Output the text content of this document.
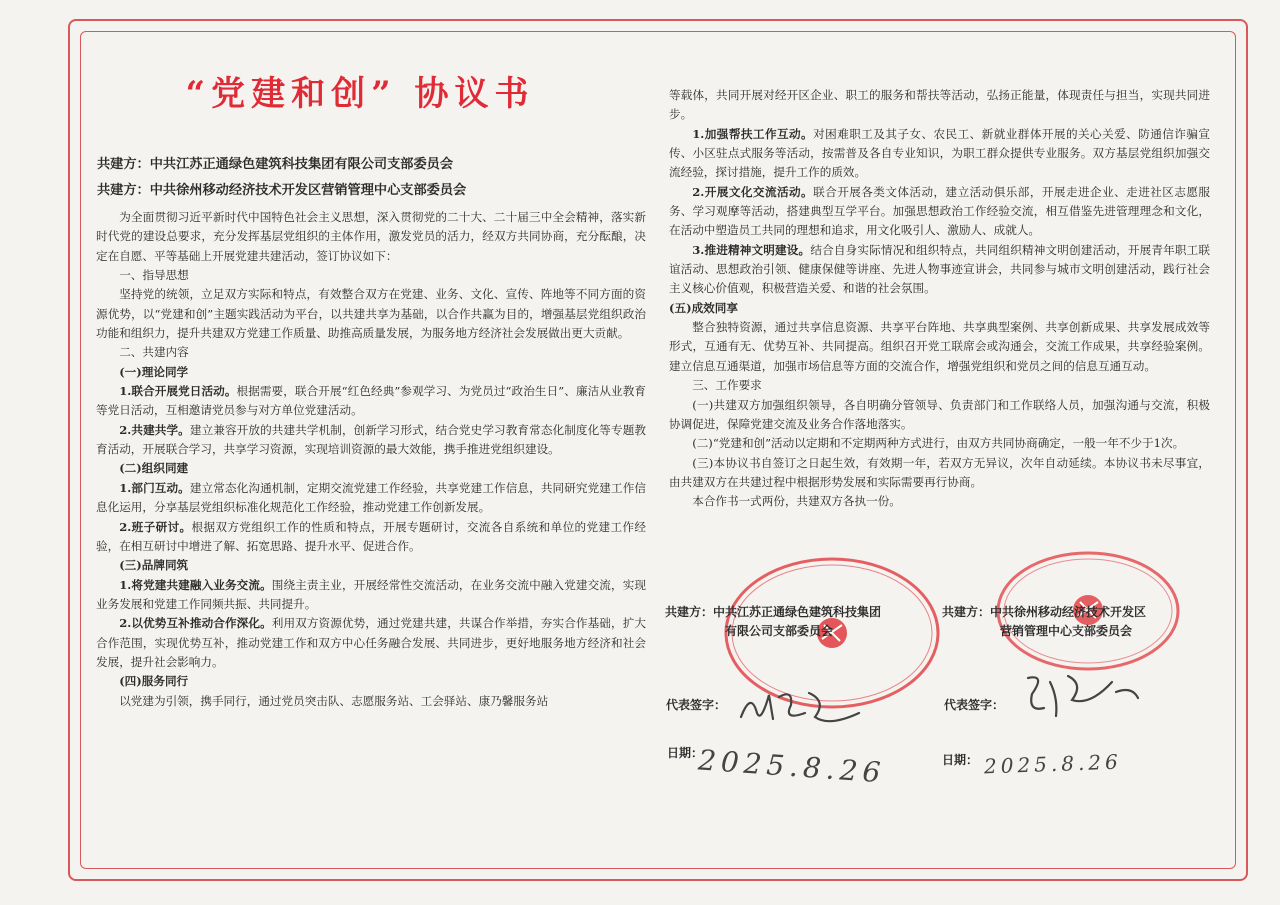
“党建和创” 协议书
共建方：中共江苏正通绿色建筑科技集团有限公司支部委员会
共建方：中共徐州移动经济技术开发区营销管理中心支部委员会

为全面贯彻习近平新时代中国特色社会主义思想，深入贯彻党的二十大、二十届三中全会精神，落实新时代党的建设总要求，充分发挥基层党组织的主体作用，激发党员的活力，经双方共同协商，充分酝酿，决定在自愿、平等基础上开展党建共建活动，签订协议如下：

一、指导思想

坚持党的统领，立足双方实际和特点，有效整合双方在党建、业务、文化、宣传、阵地等不同方面的资源优势，以“党建和创”主题实践活动为平台，以共建共享为基础，以合作共赢为目的，增强基层党组织政治功能和组织力，提升共建双方党建工作质量、助推高质量发展，为服务地方经济社会发展做出更大贡献。

二、共建内容

(一)理论同学

1.联合开展党日活动。根据需要，联合开展“红色经典”参观学习、为党员过“政治生日”、廉洁从业教育等党日活动，互相邀请党员参与对方单位党建活动。

2.共建共学。建立兼容开放的共建共学机制，创新学习形式，结合党史学习教育常态化制度化等专题教育活动，开展联合学习，共享学习资源，实现培训资源的最大效能，携手推进党组织建设。

(二)组织同建

1.部门互动。建立常态化沟通机制，定期交流党建工作经验，共享党建工作信息，共同研究党建工作信息化运用，分享基层党组织标准化规范化工作经验，推动党建工作创新发展。

2.班子研讨。根据双方党组织工作的性质和特点，开展专题研讨，交流各自系统和单位的党建工作经验，在相互研讨中增进了解、拓宽思路、提升水平、促进合作。

(三)品牌同筑

1.将党建共建融入业务交流。围绕主责主业，开展经常性交流活动，在业务交流中融入党建交流，实现业务发展和党建工作同频共振、共同提升。

2.以优势互补推动合作深化。利用双方资源优势，通过党建共建，共谋合作举措，夯实合作基础，扩大合作范围，实现优势互补，推动党建工作和双方中心任务融合发展、共同进步，更好地服务地方经济和社会发展，提升社会影响力。

(四)服务同行

以党建为引领，携手同行，通过党员突击队、志愿服务站、工会驿站、康乃馨服务站

等载体，共同开展对经开区企业、职工的服务和帮扶等活动，弘扬正能量，体现责任与担当，实现共同进步。

1.加强帮扶工作互动。对困难职工及其子女、农民工、新就业群体开展的关心关爱、防通信诈骗宣传、小区驻点式服务等活动，按需普及各自专业知识，为职工群众提供专业服务。双方基层党组织加强交流经验，探讨措施，提升工作的质效。

2.开展文化交流活动。联合开展各类文体活动，建立活动俱乐部，开展走进企业、走进社区志愿服务、学习观摩等活动，搭建典型互学平台。加强思想政治工作经验交流，相互借鉴先进管理理念和文化，在活动中塑造员工共同的理想和追求，用文化吸引人、激励人、成就人。

3.推进精神文明建设。结合自身实际情况和组织特点，共同组织精神文明创建活动，开展青年职工联谊活动、思想政治引领、健康保健等讲座、先进人物事迹宣讲会，共同参与城市文明创建活动，践行社会主义核心价值观，积极营造关爱、和谐的社会氛围。

(五)成效同享

整合独特资源，通过共享信息资源、共享平台阵地、共享典型案例、共享创新成果、共享发展成效等形式，互通有无、优势互补、共同提高。组织召开党工联席会或沟通会，交流工作成果，共享经验案例。建立信息互通渠道，加强市场信息等方面的交流合作，增强党组织和党员之间的信息互通互动。

三、工作要求

(一)共建双方加强组织领导，各自明确分管领导、负责部门和工作联络人员，加强沟通与交流，积极协调促进，保障党建交流及业务合作落地落实。

(二)“党建和创”活动以定期和不定期两种方式进行，由双方共同协商确定，一般一年不少于1次。

(三)本协议书自签订之日起生效，有效期一年，若双方无异议，次年自动延续。本协议书未尽事宜，由共建双方在共建过程中根据形势发展和实际需要再行协商。

本合作书一式两份，共建双方各执一份。

共建方：中共江苏正通绿色建筑科技集团
有限公司支部委员会
共建方：中共徐州移动经济技术开发区
营销管理中心支部委员会
代表签字：	代表签字：
日期：	日期：
2025.8.26	2025.8.26
